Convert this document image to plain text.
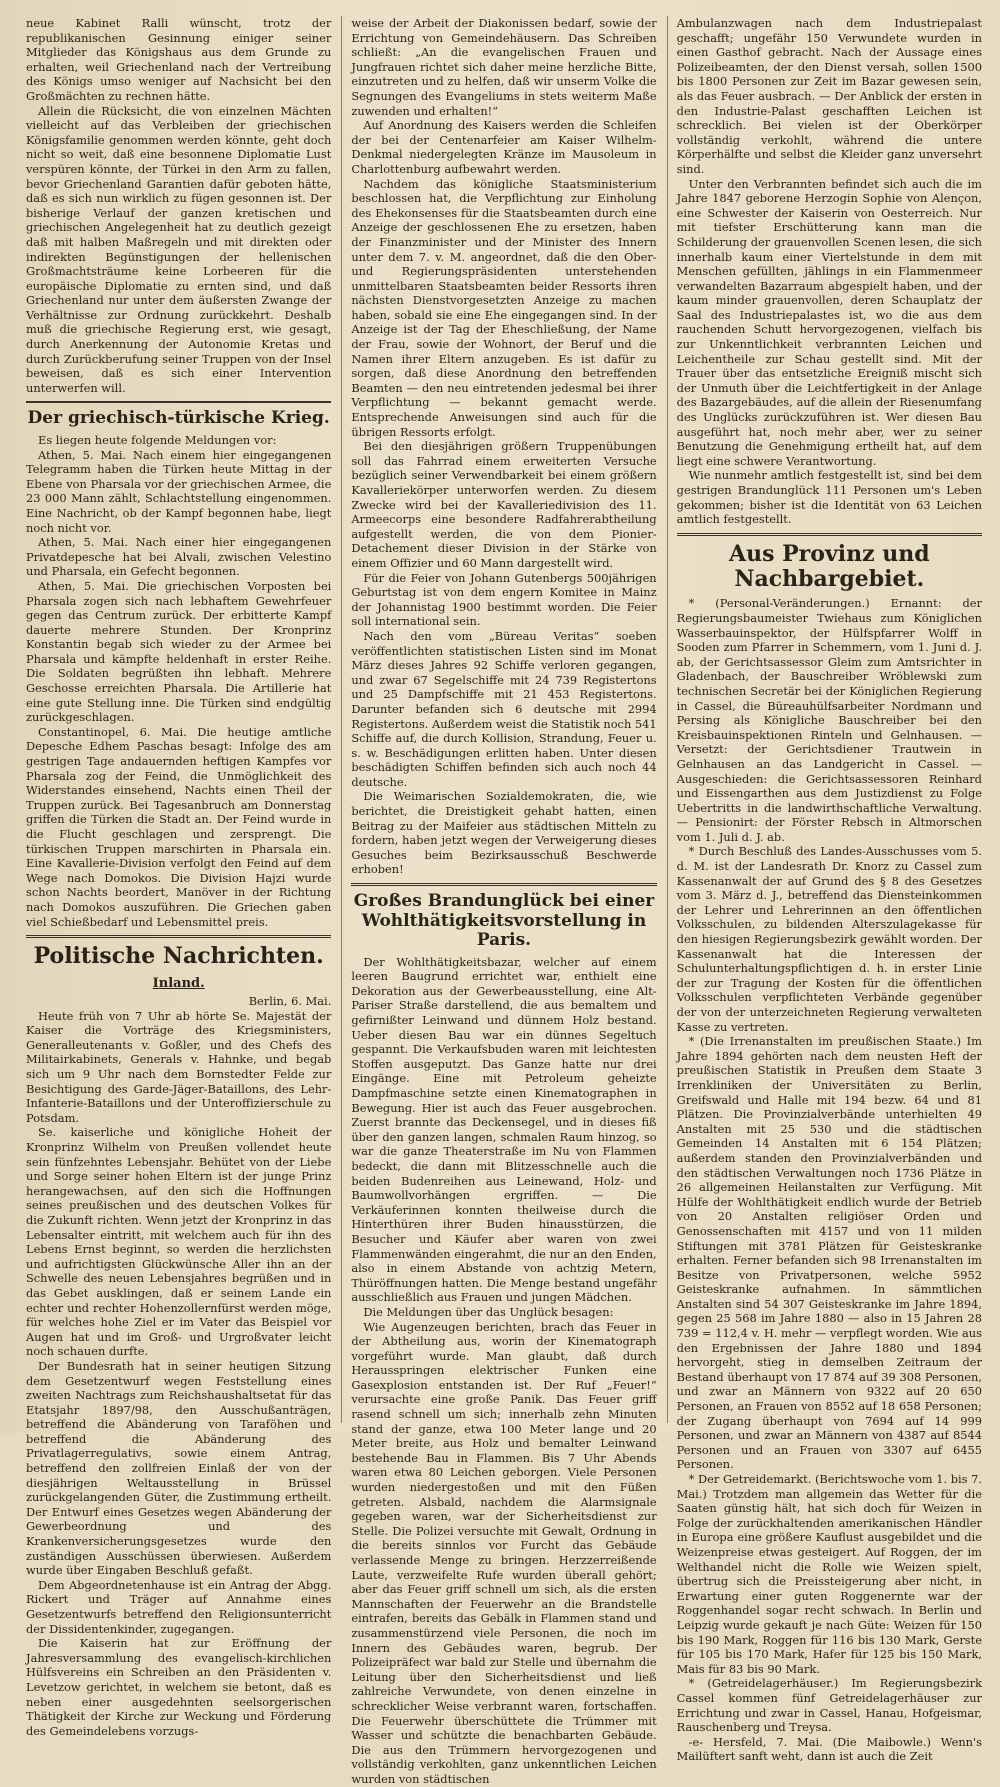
neue Kabinet Ralli wünscht, trotz der republikanischen Gesinnung einiger seiner Mitglieder das Königshaus aus dem Grunde zu erhalten, weil Griechenland nach der Vertreibung des Königs umso weniger auf Nachsicht bei den Großmächten zu rechnen hätte.

Allein die Rücksicht, die von einzelnen Mächten vielleicht auf das Verbleiben der griechischen Königsfamilie genommen werden könnte, geht doch nicht so weit, daß eine besonnene Diplomatie Lust verspüren könnte, der Türkei in den Arm zu fallen, bevor Griechenland Garantien dafür geboten hätte, daß es sich nun wirklich zu fügen gesonnen ist. Der bisherige Verlauf der ganzen kretischen und griechischen Angelegenheit hat zu deutlich gezeigt daß mit halben Maßregeln und mit direkten oder indirekten Begünstigungen der hellenischen Großmachtsträume keine Lorbeeren für die europäische Diplomatie zu ernten sind, und daß Griechenland nur unter dem äußersten Zwange der Verhältnisse zur Ordnung zurückkehrt. Deshalb muß die griechische Regierung erst, wie gesagt, durch Anerkennung der Autonomie Kretas und durch Zurückberufung seiner Truppen von der Insel beweisen, daß es sich einer Intervention unterwerfen will.

Der griechisch-türkische Krieg.

Es liegen heute folgende Meldungen vor:

Athen, 5. Mai. Nach einem hier eingegangenen Telegramm haben die Türken heute Mittag in der Ebene von Pharsala vor der griechischen Armee, die 23 000 Mann zählt, Schlachtstellung eingenommen. Eine Nachricht, ob der Kampf begonnen habe, liegt noch nicht vor.

Athen, 5. Mai. Nach einer hier eingegangenen Privatdepesche hat bei Alvali, zwischen Velestino und Pharsala, ein Gefecht begonnen.

Athen, 5. Mai. Die griechischen Vorposten bei Pharsala zogen sich nach lebhaftem Gewehrfeuer gegen das Centrum zurück. Der erbitterte Kampf dauerte mehrere Stunden. Der Kronprinz Konstantin begab sich wieder zu der Armee bei Pharsala und kämpfte heldenhaft in erster Reihe. Die Soldaten begrüßten ihn lebhaft. Mehrere Geschosse erreichten Pharsala. Die Artillerie hat eine gute Stellung inne. Die Türken sind endgültig zurückgeschlagen.

Constantinopel, 6. Mai. Die heutige amtliche Depesche Edhem Paschas besagt: Infolge des am gestrigen Tage andauernden heftigen Kampfes vor Pharsala zog der Feind, die Unmöglichkeit des Widerstandes einsehend, Nachts einen Theil der Truppen zurück. Bei Tagesanbruch am Donnerstag griffen die Türken die Stadt an. Der Feind wurde in die Flucht geschlagen und zersprengt. Die türkischen Truppen marschirten in Pharsala ein. Eine Kavallerie-Division verfolgt den Feind auf dem Wege nach Domokos. Die Division Hajzi wurde schon Nachts beordert, Manöver in der Richtung nach Domokos auszuführen. Die Griechen gaben viel Schießbedarf und Lebensmittel preis.

Politische Nachrichten.
Inland.

Berlin, 6. Mai.

Heute früh von 7 Uhr ab hörte Se. Majestät der Kaiser die Vorträge des Kriegsministers, Generalleutenants v. Goßler, und des Chefs des Militairkabinets, Generals v. Hahnke, und begab sich um 9 Uhr nach dem Bornstedter Felde zur Besichtigung des Garde-Jäger-Bataillons, des Lehr-Infanterie-Bataillons und der Unteroffizierschule zu Potsdam.

Se. kaiserliche und königliche Hoheit der Kronprinz Wilhelm von Preußen vollendet heute sein fünfzehntes Lebensjahr. Behütet von der Liebe und Sorge seiner hohen Eltern ist der junge Prinz herangewachsen, auf den sich die Hoffnungen seines preußischen und des deutschen Volkes für die Zukunft richten. Wenn jetzt der Kronprinz in das Lebensalter eintritt, mit welchem auch für ihn des Lebens Ernst beginnt, so werden die herzlichsten und aufrichtigsten Glückwünsche Aller ihn an der Schwelle des neuen Lebensjahres begrüßen und in das Gebet ausklingen, daß er seinem Lande ein echter und rechter Hohenzollernfürst werden möge, für welches hohe Ziel er im Vater das Beispiel vor Augen hat und im Groß- und Urgroßvater leicht noch schauen durfte.

Der Bundesrath hat in seiner heutigen Sitzung dem Gesetzentwurf wegen Feststellung eines zweiten Nachtrags zum Reichshaushaltsetat für das Etatsjahr 1897/98, den Ausschußanträgen, betreffend die Abänderung von Taraföhen und betreffend die Abänderung des Privatlagerregulativs, sowie einem Antrag, betreffend den zollfreien Einlaß der von der diesjährigen Weltausstellung in Brüssel zurückgelangenden Güter, die Zustimmung ertheilt. Der Entwurf eines Gesetzes wegen Abänderung der Gewerbeordnung und des Krankenversicherungsgesetzes wurde den zuständigen Ausschüssen überwiesen. Außerdem wurde über Eingaben Beschluß gefaßt.

Dem Abgeordnetenhause ist ein Antrag der Abgg. Rickert und Träger auf Annahme eines Gesetzentwurfs betreffend den Religionsunterricht der Dissidentenkinder, zugegangen.

Die Kaiserin hat zur Eröffnung der Jahresversammlung des evangelisch-kirchlichen Hülfsvereins ein Schreiben an den Präsidenten v. Levetzow gerichtet, in welchem sie betont, daß es neben einer ausgedehnten seelsorgerischen Thätigkeit der Kirche zur Weckung und Förderung des Gemeindelebens vorzugs-

weise der Arbeit der Diakonissen bedarf, sowie der Errichtung von Gemeindehäusern. Das Schreiben schließt: „An die evangelischen Frauen und Jungfrauen richtet sich daher meine herzliche Bitte, einzutreten und zu helfen, daß wir unserm Volke die Segnungen des Evangeliums in stets weiterm Maße zuwenden und erhalten!“

Auf Anordnung des Kaisers werden die Schleifen der bei der Centenarfeier am Kaiser Wilhelm-Denkmal niedergelegten Kränze im Mausoleum in Charlottenburg aufbewahrt werden.

Nachdem das königliche Staatsministerium beschlossen hat, die Verpflichtung zur Einholung des Ehekonsenses für die Staatsbeamten durch eine Anzeige der geschlossenen Ehe zu ersetzen, haben der Finanzminister und der Minister des Innern unter dem 7. v. M. angeordnet, daß die den Ober- und Regierungspräsidenten unterstehenden unmittelbaren Staatsbeamten beider Ressorts ihren nächsten Dienstvorgesetzten Anzeige zu machen haben, sobald sie eine Ehe eingegangen sind. In der Anzeige ist der Tag der Eheschließung, der Name der Frau, sowie der Wohnort, der Beruf und die Namen ihrer Eltern anzugeben. Es ist dafür zu sorgen, daß diese Anordnung den betreffenden Beamten — den neu eintretenden jedesmal bei ihrer Verpflichtung — bekannt gemacht werde. Entsprechende Anweisungen sind auch für die übrigen Ressorts erfolgt.

Bei den diesjährigen größern Truppenübungen soll das Fahrrad einem erweiterten Versuche bezüglich seiner Verwendbarkeit bei einem größern Kavalleriekörper unterworfen werden. Zu diesem Zwecke wird bei der Kavalleriedivision des 11. Armeecorps eine besondere Radfahrerabtheilung aufgestellt werden, die von dem Pionier-Detachement dieser Division in der Stärke von einem Offizier und 60 Mann dargestellt wird.

Für die Feier von Johann Gutenbergs 500jährigen Geburtstag ist von dem engern Komitee in Mainz der Johannistag 1900 bestimmt worden. Die Feier soll international sein.

Nach den vom „Büreau Veritas“ soeben veröffentlichten statistischen Listen sind im Monat März dieses Jahres 92 Schiffe verloren gegangen, und zwar 67 Segelschiffe mit 24 739 Registertons und 25 Dampfschiffe mit 21 453 Registertons. Darunter befanden sich 6 deutsche mit 2994 Registertons. Außerdem weist die Statistik noch 541 Schiffe auf, die durch Kollision, Strandung, Feuer u. s. w. Beschädigungen erlitten haben. Unter diesen beschädigten Schiffen befinden sich auch noch 44 deutsche.

Die Weimarischen Sozialdemokraten, die, wie berichtet, die Dreistigkeit gehabt hatten, einen Beitrag zu der Maifeier aus städtischen Mitteln zu fordern, haben jetzt wegen der Verweigerung dieses Gesuches beim Bezirksausschuß Beschwerde erhoben!

Großes Brandunglück bei einer Wohlthätigkeitsvorstellung in Paris.

Der Wohlthätigkeitsbazar, welcher auf einem leeren Baugrund errichtet war, enthielt eine Dekoration aus der Gewerbeausstellung, eine Alt-Pariser Straße darstellend, die aus bemaltem und gefirnißter Leinwand und dünnem Holz bestand. Ueber diesen Bau war ein dünnes Segeltuch gespannt. Die Verkaufsbuden waren mit leichtesten Stoffen ausgeputzt. Das Ganze hatte nur drei Eingänge. Eine mit Petroleum geheizte Dampfmaschine setzte einen Kinematographen in Bewegung. Hier ist auch das Feuer ausgebrochen. Zuerst brannte das Deckensegel, und in dieses fiß über den ganzen langen, schmalen Raum hinzog, so war die ganze Theaterstraße im Nu von Flammen bedeckt, die dann mit Blitzesschnelle auch die beiden Budenreihen aus Leinewand, Holz- und Baumwollvorhängen ergriffen. — Die Verkäuferinnen konnten theilweise durch die Hinterthüren ihrer Buden hinausstürzen, die Besucher und Käufer aber waren von zwei Flammenwänden eingerahmt, die nur an den Enden, also in einem Abstande von achtzig Metern, Thüröffnungen hatten. Die Menge bestand ungefähr ausschließlich aus Frauen und jungen Mädchen.

Die Meldungen über das Unglück besagen:

Wie Augenzeugen berichten, brach das Feuer in der Abtheilung aus, worin der Kinematograph vorgeführt wurde. Man glaubt, daß durch Herausspringen elektrischer Funken eine Gasexplosion entstanden ist. Der Ruf „Feuer!“ verursachte eine große Panik. Das Feuer griff rasend schnell um sich; innerhalb zehn Minuten stand der ganze, etwa 100 Meter lange und 20 Meter breite, aus Holz und bemalter Leinwand bestehende Bau in Flammen. Bis 7 Uhr Abends waren etwa 80 Leichen geborgen. Viele Personen wurden niedergestoßen und mit den Füßen getreten. Alsbald, nachdem die Alarmsignale gegeben waren, war der Sicherheitsdienst zur Stelle. Die Polizei versuchte mit Gewalt, Ordnung in die bereits sinnlos vor Furcht das Gebäude verlassende Menge zu bringen. Herzzerreißende Laute, verzweifelte Rufe wurden überall gehört; aber das Feuer griff schnell um sich, als die ersten Mannschaften der Feuerwehr an die Brandstelle eintrafen, bereits das Gebälk in Flammen stand und zusammenstürzend viele Personen, die noch im Innern des Gebäudes waren, begrub. Der Polizeipräfect war bald zur Stelle und übernahm die Leitung über den Sicherheitsdienst und ließ zahlreiche Verwundete, von denen einzelne in schrecklicher Weise verbrannt waren, fortschaffen. Die Feuerwehr überschüttete die Trümmer mit Wasser und schützte die benachbarten Gebäude. Die aus den Trümmern hervorgezogenen und vollständig verkohlten, ganz unkenntlichen Leichen wurden von städtischen

Ambulanzwagen nach dem Industriepalast geschafft; ungefähr 150 Verwundete wurden in einen Gasthof gebracht. Nach der Aussage eines Polizeibeamten, der den Dienst versah, sollen 1500 bis 1800 Personen zur Zeit im Bazar gewesen sein, als das Feuer ausbrach. — Der Anblick der ersten in den Industrie-Palast geschafften Leichen ist schrecklich. Bei vielen ist der Oberkörper vollständig verkohlt, während die untere Körperhälfte und selbst die Kleider ganz unversehrt sind.

Unter den Verbrannten befindet sich auch die im Jahre 1847 geborene Herzogin Sophie von Alençon, eine Schwester der Kaiserin von Oesterreich. Nur mit tiefster Erschütterung kann man die Schilderung der grauenvollen Scenen lesen, die sich innerhalb kaum einer Viertelstunde in dem mit Menschen gefüllten, jählings in ein Flammenmeer verwandelten Bazarraum abgespielt haben, und der kaum minder grauenvollen, deren Schauplatz der Saal des Industriepalastes ist, wo die aus dem rauchenden Schutt hervorgezogenen, vielfach bis zur Unkenntlichkeit verbrannten Leichen und Leichentheile zur Schau gestellt sind. Mit der Trauer über das entsetzliche Ereigniß mischt sich der Unmuth über die Leichtfertigkeit in der Anlage des Bazargebäudes, auf die allein der Riesenumfang des Unglücks zurückzuführen ist. Wer diesen Bau ausgeführt hat, noch mehr aber, wer zu seiner Benutzung die Genehmigung ertheilt hat, auf dem liegt eine schwere Verantwortung.

Wie nunmehr amtlich festgestellt ist, sind bei dem gestrigen Brandunglück 111 Personen um's Leben gekommen; bisher ist die Identität von 63 Leichen amtlich festgestellt.

Aus Provinz und Nachbargebiet.

* (Personal-Veränderungen.) Ernannt: der Regierungsbaumeister Twiehaus zum Königlichen Wasserbauinspektor, der Hülfspfarrer Wolff in Sooden zum Pfarrer in Schemmern, vom 1. Juni d. J. ab, der Gerichtsassessor Gleim zum Amtsrichter in Gladenbach, der Bauschreiber Wröblewski zum technischen Secretär bei der Königlichen Regierung in Cassel, die Büreauhülfsarbeiter Nordmann und Persing als Königliche Bauschreiber bei den Kreisbauinspektionen Rinteln und Gelnhausen. — Versetzt: der Gerichtsdiener Trautwein in Gelnhausen an das Landgericht in Cassel. — Ausgeschieden: die Gerichtsassessoren Reinhard und Eissengarthen aus dem Justizdienst zu Folge Uebertritts in die landwirthschaftliche Verwaltung. — Pensionirt: der Förster Rebsch in Altmorschen vom 1. Juli d. J. ab.

* Durch Beschluß des Landes-Ausschusses vom 5. d. M. ist der Landesrath Dr. Knorz zu Cassel zum Kassenanwalt der auf Grund des § 8 des Gesetzes vom 3. März d. J., betreffend das Diensteinkommen der Lehrer und Lehrerinnen an den öffentlichen Volksschulen, zu bildenden Alterszulagekasse für den hiesigen Regierungsbezirk gewählt worden. Der Kassenanwalt hat die Interessen der Schulunterhaltungspflichtigen d. h. in erster Linie der zur Tragung der Kosten für die öffentlichen Volksschulen verpflichteten Verbände gegenüber der von der unterzeichneten Regierung verwalteten Kasse zu vertreten.

* (Die Irrenanstalten im preußischen Staate.) Im Jahre 1894 gehörten nach dem neusten Heft der preußischen Statistik in Preußen dem Staate 3 Irrenkliniken der Universitäten zu Berlin, Greifswald und Halle mit 194 bezw. 64 und 81 Plätzen. Die Provinzialverbände unterhielten 49 Anstalten mit 25 530 und die städtischen Gemeinden 14 Anstalten mit 6 154 Plätzen; außerdem standen den Provinzialverbänden und den städtischen Verwaltungen noch 1736 Plätze in 26 allgemeinen Heilanstalten zur Verfügung. Mit Hülfe der Wohlthätigkeit endlich wurde der Betrieb von 20 Anstalten religiöser Orden und Genossenschaften mit 4157 und von 11 milden Stiftungen mit 3781 Plätzen für Geisteskranke erhalten. Ferner befanden sich 98 Irrenanstalten im Besitze von Privatpersonen, welche 5952 Geisteskranke aufnahmen. In sämmtlichen Anstalten sind 54 307 Geisteskranke im Jahre 1894, gegen 25 568 im Jahre 1880 — also in 15 Jahren 28 739 = 112,4 v. H. mehr — verpflegt worden. Wie aus den Ergebnissen der Jahre 1880 und 1894 hervorgeht, stieg in demselben Zeitraum der Bestand überhaupt von 17 874 auf 39 308 Personen, und zwar an Männern von 9322 auf 20 650 Personen, an Frauen von 8552 auf 18 658 Personen; der Zugang überhaupt von 7694 auf 14 999 Personen, und zwar an Männern von 4387 auf 8544 Personen und an Frauen von 3307 auf 6455 Personen.

* Der Getreidemarkt. (Berichtswoche vom 1. bis 7. Mai.) Trotzdem man allgemein das Wetter für die Saaten günstig hält, hat sich doch für Weizen in Folge der zurückhaltenden amerikanischen Händler in Europa eine größere Kauflust ausgebildet und die Weizenpreise etwas gesteigert. Auf Roggen, der im Welthandel nicht die Rolle wie Weizen spielt, übertrug sich die Preissteigerung aber nicht, in Erwartung einer guten Roggenernte war der Roggenhandel sogar recht schwach. In Berlin und Leipzig wurde gekauft je nach Güte: Weizen für 150 bis 190 Mark, Roggen für 116 bis 130 Mark, Gerste für 105 bis 170 Mark, Hafer für 125 bis 150 Mark, Mais für 83 bis 90 Mark.

* (Getreidelagerhäuser.) Im Regierungsbezirk Cassel kommen fünf Getreidelagerhäuser zur Errichtung und zwar in Cassel, Hanau, Hofgeismar, Rauschenberg und Treysa.

-e- Hersfeld, 7. Mai. (Die Maibowle.) Wenn's Mailüftert sanft weht, dann ist auch die Zeit
